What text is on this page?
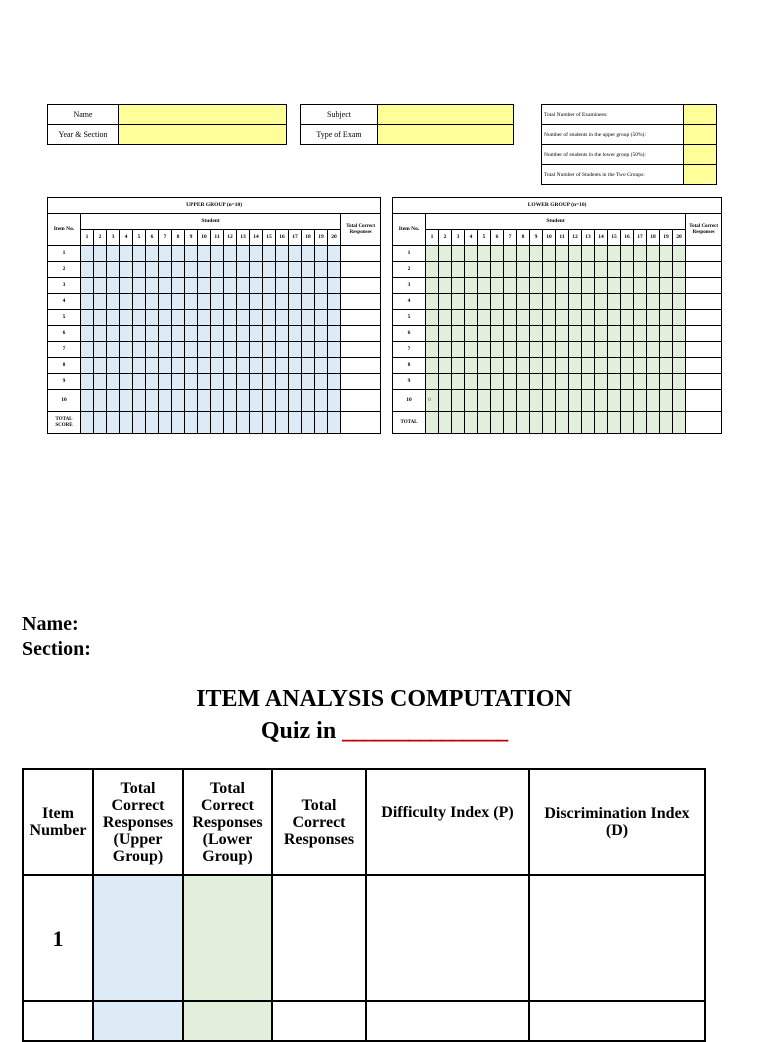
Name	
Year & Section	
Subject	
Type of Exam	
Total Number of Examinees:	
Number of students in the upper group (50%):	
Number of students in the lower group (50%):	
Total Number of Students in the Two Groups:	
UPPER GROUP (n=10)																					
Item No.	Student																				Total Correct Responses
	1	2	3	4	5	6	7	8	9	10	11	12	13	14	15	16	17	18	19	20	
1																					
2																					
3																					
4																					
5																					
6																					
7																					
8																					
9																					
10																					
TOTAL SCORE																					
LOWER GROUP (n=10)																					
Item No.	Student																				Total Correct Responses
	1	2	3	4	5	6	7	8	9	10	11	12	13	14	15	16	17	18	19	20	
1																					
2																					
3																					
4																					
5																					
6																					
7																					
8																					
9																					
10	0																				
TOTAL																					
Name:
Section:
ITEM ANALYSIS COMPUTATION
Quiz in _______________
Item Number	Total Correct Responses (Upper Group)	Total Correct Responses (Lower Group)	Total Correct Responses	Difficulty Index (P)	Discrimination Index (D)
1					
